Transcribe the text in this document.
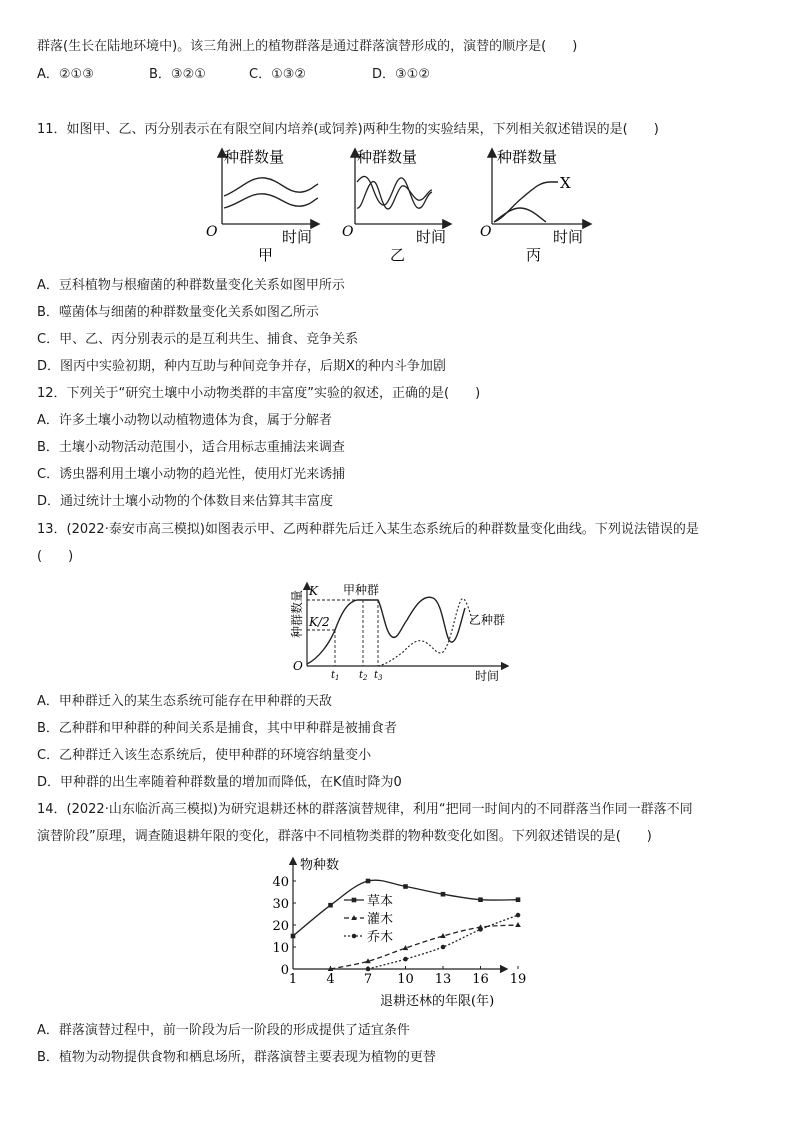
群落(生长在陆地环境中)。该三角洲上的植物群落是通过群落演替形成的，演替的顺序是(　　)
A．②①③	B．③②①	C．①③②	D．③①②
11．如图甲、乙、丙分别表示在有限空间内培养(或饲养)两种生物的实验结果，下列相关叙述错误的是(　　)
种群数量
O	时间
甲
种群数量
O	时间
乙
X
种群数量
O	时间
丙
A．豆科植物与根瘤菌的种群数量变化关系如图甲所示
B．噬菌体与细菌的种群数量变化关系如图乙所示
C．甲、乙、丙分别表示的是互利共生、捕食、竞争关系
D．图丙中实验初期，种内互助与种间竞争并存，后期X的种内斗争加剧
12．下列关于“研究土壤中小动物类群的丰富度”实验的叙述，正确的是(　　)
A．许多土壤小动物以动植物遗体为食，属于分解者
B．土壤小动物活动范围小，适合用标志重捕法来调查
C．诱虫器利用土壤小动物的趋光性，使用灯光来诱捕
D．通过统计土壤小动物的个体数目来估算其丰富度
13．(2022·泰安市高三模拟)如图表示甲、乙两种群先后迁入某生态系统后的种群数量变化曲线。下列说法错误的是
(　　)
种群数量 K
K/2
甲种群
乙种群
O
时间
$t_1$ $t_2$ $t_3$
A．甲种群迁入的某生态系统可能存在甲种群的天敌
B．乙种群和甲种群的种间关系是捕食，其中甲种群是被捕食者
C．乙种群迁入该生态系统后，使甲种群的环境容纳量变小
D．甲种群的出生率随着种群数量的增加而降低，在K值时降为0
14．(2022·山东临沂高三模拟)为研究退耕还林的群落演替规律，利用“把同一时间内的不同群落当作同一群落不同
演替阶段”原理，调查随退耕年限的变化，群落中不同植物类群的物种数变化如图。下列叙述错误的是(　　)
物种数
退耕还林的年限(年)
1 4 7 10 13 16 19
0
10
20
30
40
草本
灌木
乔木
A．群落演替过程中，前一阶段为后一阶段的形成提供了适宜条件
B．植物为动物提供食物和栖息场所，群落演替主要表现为植物的更替
